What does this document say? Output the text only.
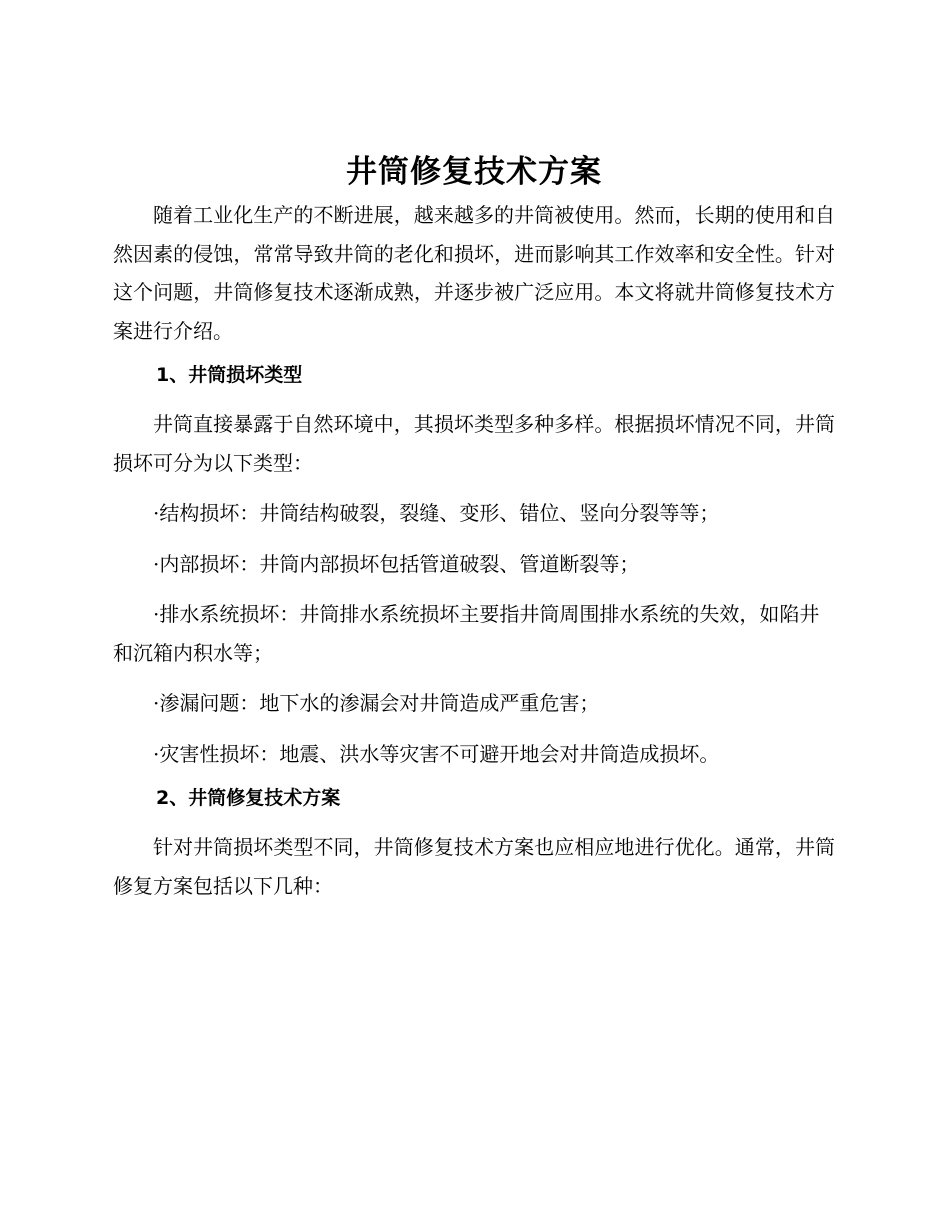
井筒修复技术方案

随着工业化生产的不断进展，越来越多的井筒被使用。然而，长期的使用和自然因素的侵蚀，常常导致井筒的老化和损坏，进而影响其工作效率和安全性。针对这个问题，井筒修复技术逐渐成熟，并逐步被广泛应用。本文将就井筒修复技术方案进行介绍。

1、井筒损坏类型

井筒直接暴露于自然环境中，其损坏类型多种多样。根据损坏情况不同，井筒损坏可分为以下类型：

·结构损坏：井筒结构破裂，裂缝、变形、错位、竖向分裂等等；

·内部损坏：井筒内部损坏包括管道破裂、管道断裂等；

·排水系统损坏：井筒排水系统损坏主要指井筒周围排水系统的失效，如陷井和沉箱内积水等；

·渗漏问题：地下水的渗漏会对井筒造成严重危害；

·灾害性损坏：地震、洪水等灾害不可避开地会对井筒造成损坏。

2、井筒修复技术方案

针对井筒损坏类型不同，井筒修复技术方案也应相应地进行优化。通常，井筒修复方案包括以下几种：
